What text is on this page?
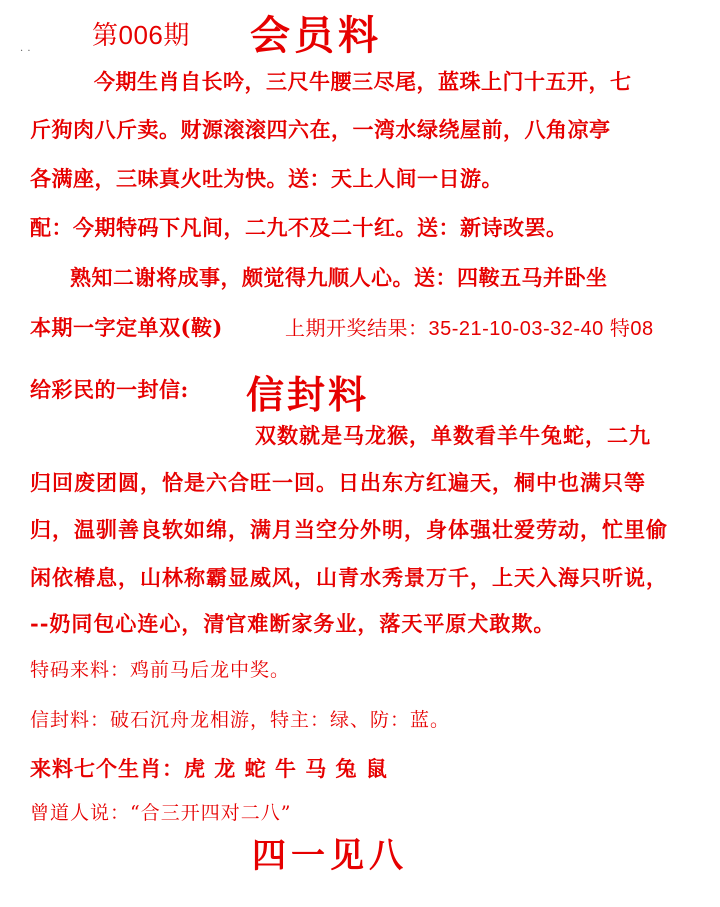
第006期 会员料
· ·
今期生肖自长吟，三尺牛腰三尽尾，蓝珠上门十五开，七
斤狗肉八斤卖。财源滚滚四六在，一湾水绿绕屋前，八角凉亭
各满座，三味真火吐为快。送：天上人间一日游。
配：今期特码下凡间，二九不及二十红。送：新诗改罢。
熟知二谢将成事，颇觉得九顺人心。送：四鞍五马并卧坐
本期一字定单双(鞍)	上期开奖结果：35-21-10-03-32-40 特08
给彩民的一封信: 信封料
双数就是马龙猴，单数看羊牛兔蛇，二九
归回废团圆，恰是六合旺一回。日出东方红遍天，桐中也满只等
归，温驯善良软如绵，满月当空分外明，身体强壮爱劳动，忙里偷
闲依椿息，山林称霸显威风，山青水秀景万千，上天入海只听说，
--奶同包心连心，清官难断家务业，落天平原犬敢欺。
特码来料：鸡前马后龙中奖。
信封料：破石沉舟龙相游，特主：绿、防：蓝。
来料七个生肖：虎 龙 蛇 牛 马 兔 鼠
曾道人说：“合三开四对二八”
四一见八
